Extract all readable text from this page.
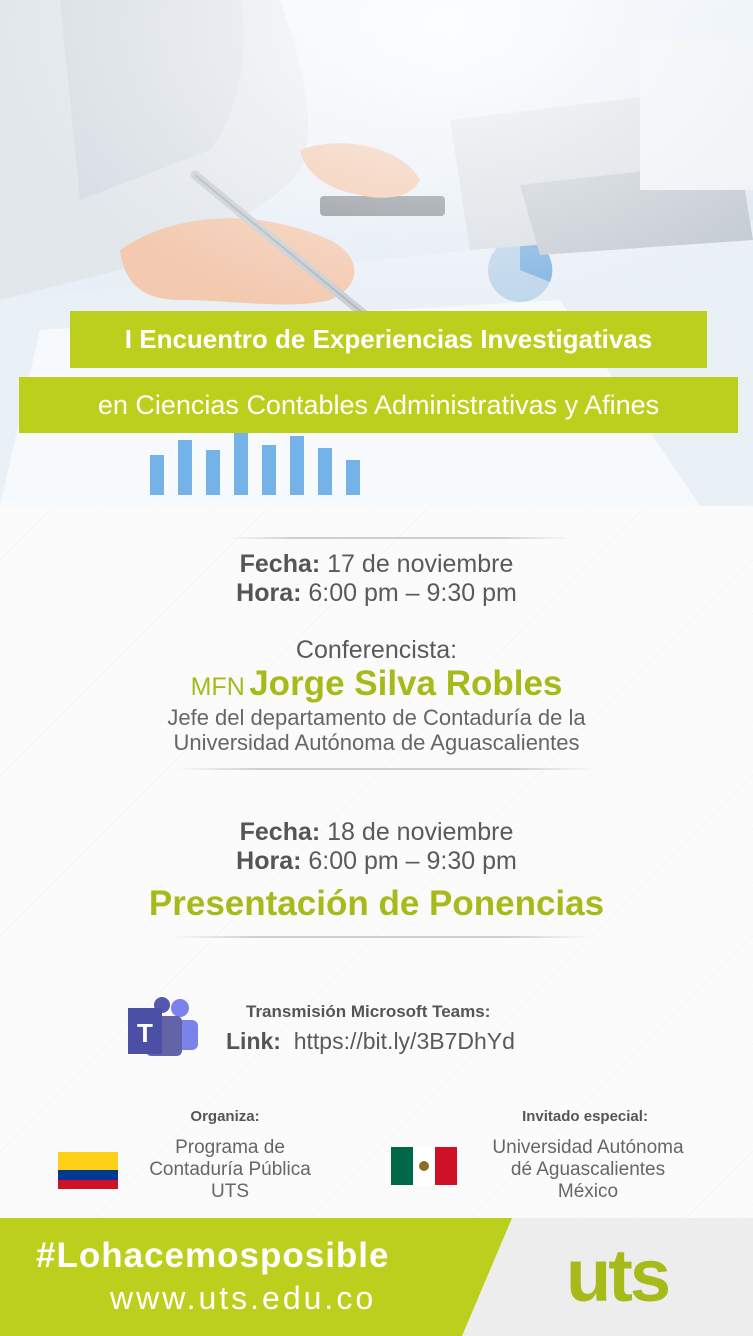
I Encuentro de Experiencias Investigativas
en Ciencias Contables Administrativas y Afines
Fecha: 17 de noviembre
Hora: 6:00 pm – 9:30 pm
Conferencista:
MFN Jorge Silva Robles
Jefe del departamento de Contaduría de la
Universidad Autónoma de Aguascalientes
Fecha: 18 de noviembre
Hora: 6:00 pm – 9:30 pm
Presentación de Ponencias
T
Transmisión Microsoft Teams:
Link: https://bit.ly/3B7DhYd
Organiza:
Programa de
Contaduría Pública
UTS
Invitado especial:
Universidad Autónoma
dé Aguascalientes
México
#Lohacemosposible
www.uts.edu.co	uts
